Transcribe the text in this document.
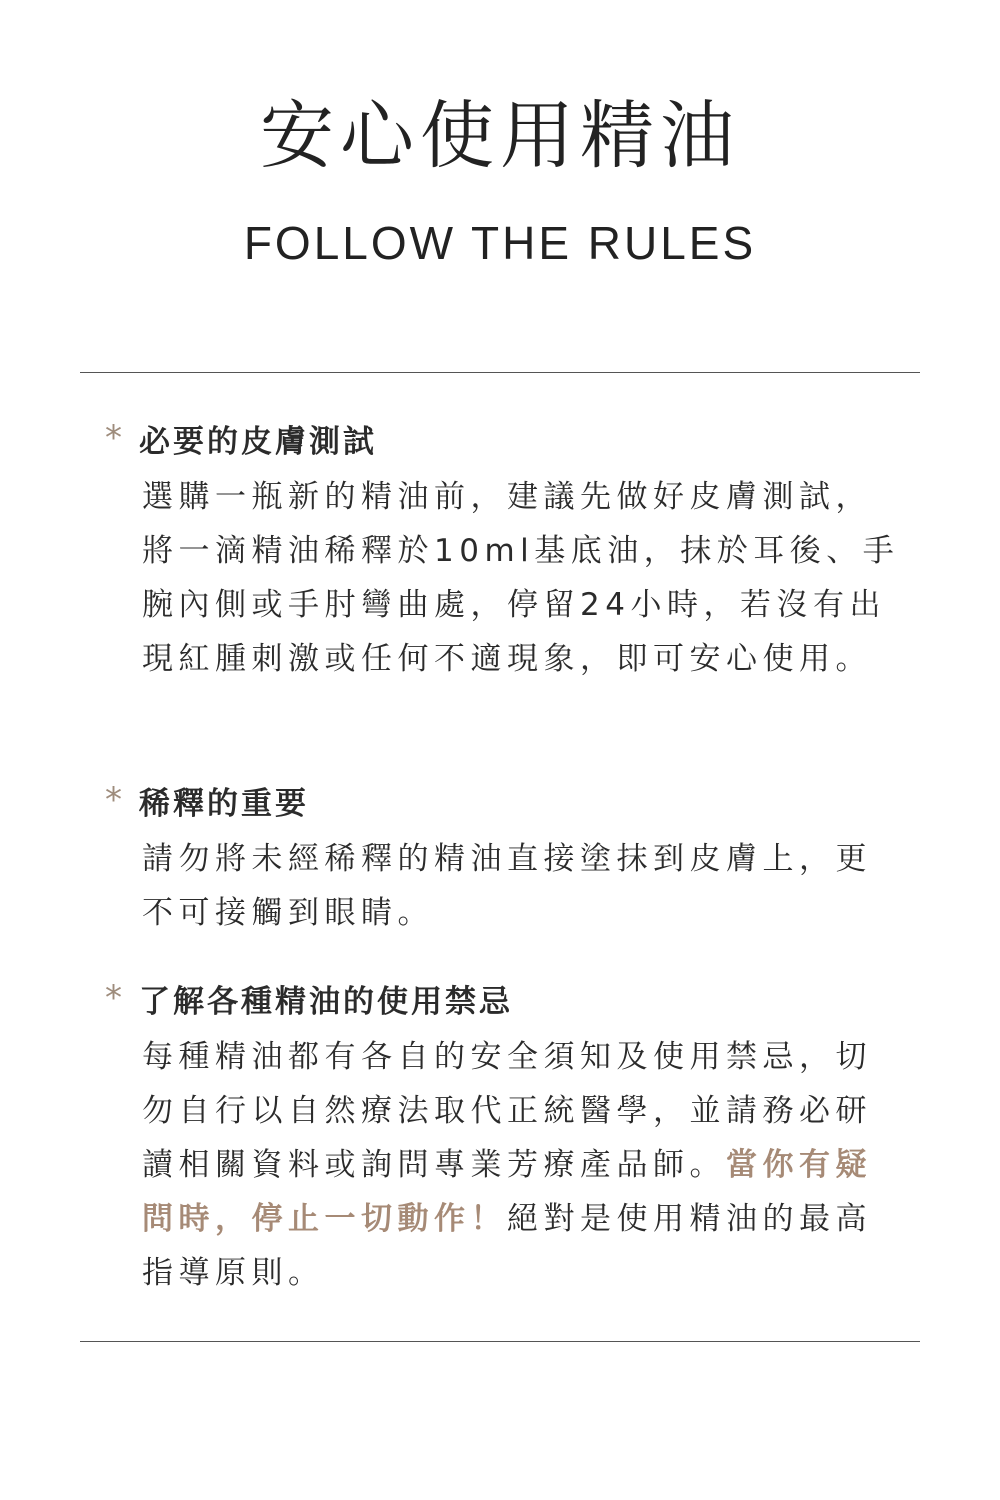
安心使用精油
FOLLOW THE RULES
* 必要的皮膚測試
選購一瓶新的精油前，建議先做好皮膚測試，將一滴精油稀釋於10ml基底油，抹於耳後、手腕內側或手肘彎曲處，停留24小時，若沒有出現紅腫刺激或任何不適現象，即可安心使用。
* 稀釋的重要
請勿將未經稀釋的精油直接塗抹到皮膚上，更不可接觸到眼睛。
* 了解各種精油的使用禁忌
每種精油都有各自的安全須知及使用禁忌，切勿自行以自然療法取代正統醫學，並請務必研讀相關資料或詢問專業芳療產品師。當你有疑問時，停止一切動作！絕對是使用精油的最高指導原則。
